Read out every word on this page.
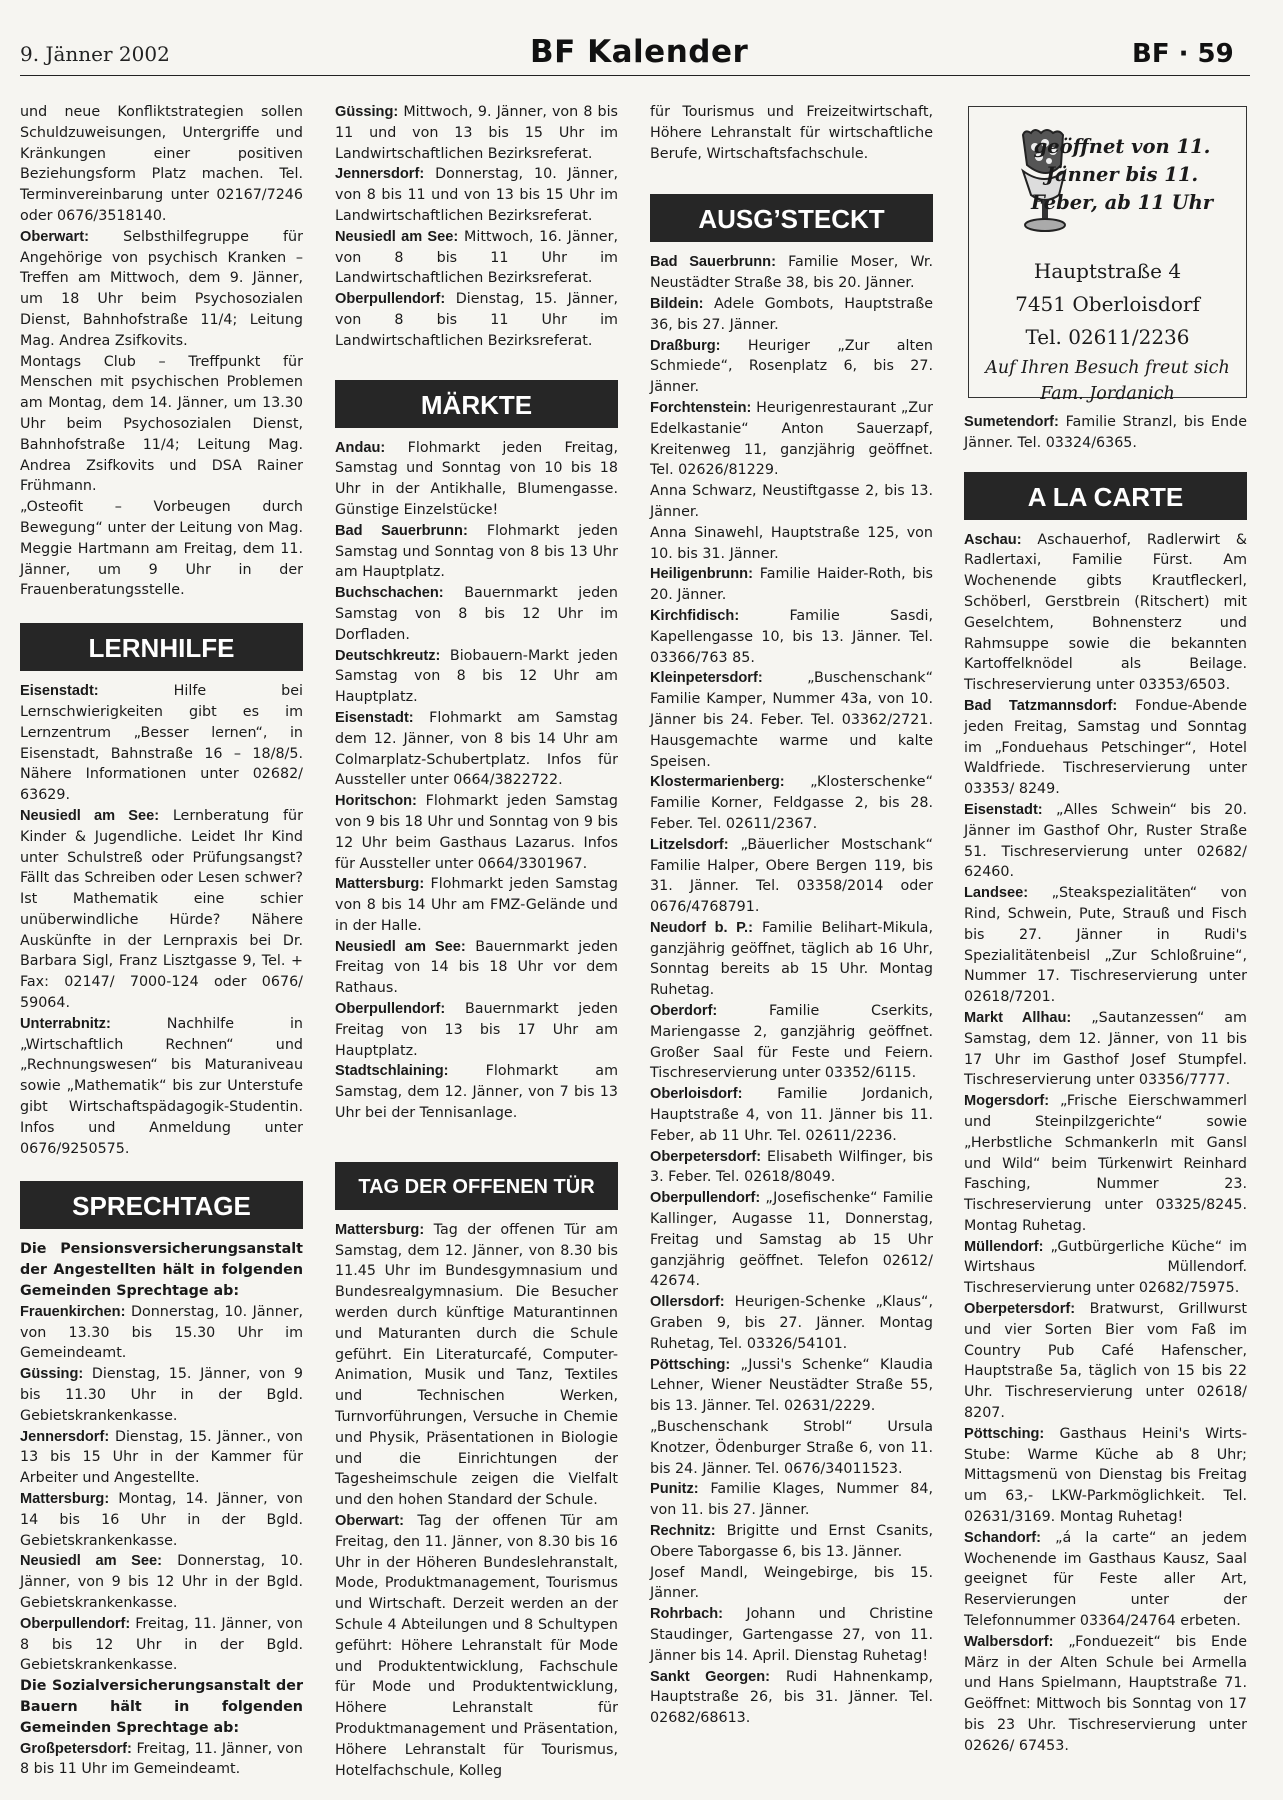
9. Jänner 2002	BF Kalender	BF · 59

und neue Konfliktstrategien sollen Schuldzuweisungen, Untergriffe und Kränkungen einer positiven Beziehungsform Platz machen. Tel. Terminvereinbarung unter 02167/7246 oder 0676/3518140.

Oberwart: Selbsthilfegruppe für Angehörige von psychisch Kranken – Treffen am Mittwoch, dem 9. Jänner, um 18 Uhr beim Psychosozialen Dienst, Bahnhofstraße 11/4; Leitung Mag. Andrea Zsifkovits.

Montags Club – Treffpunkt für Menschen mit psychischen Problemen am Montag, dem 14. Jänner, um 13.30 Uhr beim Psychosozialen Dienst, Bahnhofstraße 11/4; Leitung Mag. Andrea Zsifkovits und DSA Rainer Frühmann.

„Osteofit – Vorbeugen durch Bewegung“ unter der Leitung von Mag. Meggie Hartmann am Freitag, dem 11. Jänner, um 9 Uhr in der Frauenberatungsstelle.

LERNHILFE

Eisenstadt: Hilfe bei Lernschwierigkeiten gibt es im Lernzentrum „Besser lernen“, in Eisenstadt, Bahnstraße 16 – 18/8/5. Nähere Informationen unter 02682/ 63629.

Neusiedl am See: Lernberatung für Kinder & Jugendliche. Leidet Ihr Kind unter Schulstreß oder Prüfungsangst? Fällt das Schreiben oder Lesen schwer? Ist Mathematik eine schier unüberwindliche Hürde? Nähere Auskünfte in der Lernpraxis bei Dr. Barbara Sigl, Franz Lisztgasse 9, Tel. + Fax: 02147/ 7000-124 oder 0676/ 59064.

Unterrabnitz: Nachhilfe in „Wirtschaftlich Rechnen“ und „Rechnungswesen“ bis Maturaniveau sowie „Mathematik“ bis zur Unterstufe gibt Wirtschaftspädagogik-Studentin. Infos und Anmeldung unter 0676/9250575.

SPRECHTAGE

Die Pensionsversicherungsanstalt der Angestellten hält in folgenden Gemeinden Sprechtage ab:

Frauenkirchen: Donnerstag, 10. Jänner, von 13.30 bis 15.30 Uhr im Gemeindeamt.

Güssing: Dienstag, 15. Jänner, von 9 bis 11.30 Uhr in der Bgld. Gebietskrankenkasse.

Jennersdorf: Dienstag, 15. Jänner., von 13 bis 15 Uhr in der Kammer für Arbeiter und Angestellte.

Mattersburg: Montag, 14. Jänner, von 14 bis 16 Uhr in der Bgld. Gebietskrankenkasse.

Neusiedl am See: Donnerstag, 10. Jänner, von 9 bis 12 Uhr in der Bgld. Gebietskrankenkasse.

Oberpullendorf: Freitag, 11. Jänner, von 8 bis 12 Uhr in der Bgld. Gebietskrankenkasse.

Die Sozialversicherungsanstalt der Bauern hält in folgenden Gemeinden Sprechtage ab:

Großpetersdorf: Freitag, 11. Jänner, von 8 bis 11 Uhr im Gemeindeamt.

Güssing: Mittwoch, 9. Jänner, von 8 bis 11 und von 13 bis 15 Uhr im Landwirtschaftlichen Bezirksreferat.

Jennersdorf: Donnerstag, 10. Jänner, von 8 bis 11 und von 13 bis 15 Uhr im Landwirtschaftlichen Bezirksreferat.

Neusiedl am See: Mittwoch, 16. Jänner, von 8 bis 11 Uhr im Landwirtschaftlichen Bezirksreferat.

Oberpullendorf: Dienstag, 15. Jänner, von 8 bis 11 Uhr im Landwirtschaftlichen Bezirksreferat.

MÄRKTE

Andau: Flohmarkt jeden Freitag, Samstag und Sonntag von 10 bis 18 Uhr in der Antikhalle, Blumengasse. Günstige Einzelstücke!

Bad Sauerbrunn: Flohmarkt jeden Samstag und Sonntag von 8 bis 13 Uhr am Hauptplatz.

Buchschachen: Bauernmarkt jeden Samstag von 8 bis 12 Uhr im Dorfladen.

Deutschkreutz: Biobauern-Markt jeden Samstag von 8 bis 12 Uhr am Hauptplatz.

Eisenstadt: Flohmarkt am Samstag dem 12. Jänner, von 8 bis 14 Uhr am Colmarplatz-Schubertplatz. Infos für Aussteller unter 0664/3822722.

Horitschon: Flohmarkt jeden Samstag von 9 bis 18 Uhr und Sonntag von 9 bis 12 Uhr beim Gasthaus Lazarus. Infos für Aussteller unter 0664/3301967.

Mattersburg: Flohmarkt jeden Samstag von 8 bis 14 Uhr am FMZ-Gelände und in der Halle.

Neusiedl am See: Bauernmarkt jeden Freitag von 14 bis 18 Uhr vor dem Rathaus.

Oberpullendorf: Bauernmarkt jeden Freitag von 13 bis 17 Uhr am Hauptplatz.

Stadtschlaining: Flohmarkt am Samstag, dem 12. Jänner, von 7 bis 13 Uhr bei der Tennisanlage.

TAG DER OFFENEN TÜR

Mattersburg: Tag der offenen Tür am Samstag, dem 12. Jänner, von 8.30 bis 11.45 Uhr im Bundesgymnasium und Bundesrealgymnasium. Die Besucher werden durch künftige Maturantinnen und Maturanten durch die Schule geführt. Ein Literaturcafé, Computer-Animation, Musik und Tanz, Textiles und Technischen Werken, Turnvorführungen, Versuche in Chemie und Physik, Präsentationen in Biologie und die Einrichtungen der Tagesheimschule zeigen die Vielfalt und den hohen Standard der Schule.

Oberwart: Tag der offenen Tür am Freitag, den 11. Jänner, von 8.30 bis 16 Uhr in der Höheren Bundeslehranstalt, Mode, Produktmanagement, Tourismus und Wirtschaft. Derzeit werden an der Schule 4 Abteilungen und 8 Schultypen geführt: Höhere Lehranstalt für Mode und Produktentwicklung, Fachschule für Mode und Produktentwicklung, Höhere Lehranstalt für Produktmanagement und Präsentation, Höhere Lehranstalt für Tourismus, Hotelfachschule, Kolleg

für Tourismus und Freizeitwirtschaft, Höhere Lehranstalt für wirtschaftliche Berufe, Wirtschaftsfachschule.

AUSG’STECKT

Bad Sauerbrunn: Familie Moser, Wr. Neustädter Straße 38, bis 20. Jänner.

Bildein: Adele Gombots, Hauptstraße 36, bis 27. Jänner.

Draßburg: Heuriger „Zur alten Schmiede“, Rosenplatz 6, bis 27. Jänner.

Forchtenstein: Heurigenrestaurant „Zur Edelkastanie“ Anton Sauerzapf, Kreitenweg 11, ganzjährig geöffnet. Tel. 02626/81229.

Anna Schwarz, Neustiftgasse 2, bis 13. Jänner.

Anna Sinawehl, Hauptstraße 125, von 10. bis 31. Jänner.

Heiligenbrunn: Familie Haider-Roth, bis 20. Jänner.

Kirchfidisch: Familie Sasdi, Kapellengasse 10, bis 13. Jänner. Tel. 03366/763 85.

Kleinpetersdorf: „Buschenschank“ Familie Kamper, Nummer 43a, von 10. Jänner bis 24. Feber. Tel. 03362/2721. Hausgemachte warme und kalte Speisen.

Klostermarienberg: „Klosterschenke“ Familie Korner, Feldgasse 2, bis 28. Feber. Tel. 02611/2367.

Litzelsdorf: „Bäuerlicher Mostschank“ Familie Halper, Obere Bergen 119, bis 31. Jänner. Tel. 03358/2014 oder 0676/4768791.

Neudorf b. P.: Familie Belihart-Mikula, ganzjährig geöffnet, täglich ab 16 Uhr, Sonntag bereits ab 15 Uhr. Montag Ruhetag.

Oberdorf: Familie Cserkits, Mariengasse 2, ganzjährig geöffnet. Großer Saal für Feste und Feiern. Tischreservierung unter 03352/6115.

Oberloisdorf: Familie Jordanich, Hauptstraße 4, von 11. Jänner bis 11. Feber, ab 11 Uhr. Tel. 02611/2236.

Oberpetersdorf: Elisabeth Wilfinger, bis 3. Feber. Tel. 02618/8049.

Oberpullendorf: „Josefischenke“ Familie Kallinger, Augasse 11, Donnerstag, Freitag und Samstag ab 15 Uhr ganzjährig geöffnet. Telefon 02612/ 42674.

Ollersdorf: Heurigen-Schenke „Klaus“, Graben 9, bis 27. Jänner. Montag Ruhetag, Tel. 03326/54101.

Pöttsching: „Jussi's Schenke“ Klaudia Lehner, Wiener Neustädter Straße 55, bis 13. Jänner. Tel. 02631/2229.

„Buschenschank Strobl“ Ursula Knotzer, Ödenburger Straße 6, von 11. bis 24. Jänner. Tel. 0676/34011523.

Punitz: Familie Klages, Nummer 84, von 11. bis 27. Jänner.

Rechnitz: Brigitte und Ernst Csanits, Obere Taborgasse 6, bis 13. Jänner.

Josef Mandl, Weingebirge, bis 15. Jänner.

Rohrbach: Johann und Christine Staudinger, Gartengasse 27, von 11. Jänner bis 14. April. Dienstag Ruhetag!

Sankt Georgen: Rudi Hahnenkamp, Hauptstraße 26, bis 31. Jänner. Tel. 02682/68613.

geöffnet von 11. Jänner bis 11. Feber, ab 11 Uhr
Hauptstraße 4
7451 Oberloisdorf
Tel. 02611/2236
Auf Ihren Besuch freut sich
Fam. Jordanich

Sumetendorf: Familie Stranzl, bis Ende Jänner. Tel. 03324/6365.

A LA CARTE

Aschau: Aschauerhof, Radlerwirt & Radlertaxi, Familie Fürst. Am Wochenende gibts Krautfleckerl, Schöberl, Gerstbrein (Ritschert) mit Geselchtem, Bohnensterz und Rahmsuppe sowie die bekannten Kartoffelknödel als Beilage. Tischreservierung unter 03353/6503.

Bad Tatzmannsdorf: Fondue-Abende jeden Freitag, Samstag und Sonntag im „Fonduehaus Petschinger“, Hotel Waldfriede. Tischreservierung unter 03353/ 8249.

Eisenstadt: „Alles Schwein“ bis 20. Jänner im Gasthof Ohr, Ruster Straße 51. Tischreservierung unter 02682/ 62460.

Landsee: „Steakspezialitäten“ von Rind, Schwein, Pute, Strauß und Fisch bis 27. Jänner in Rudi's Spezialitätenbeisl „Zur Schloßruine“, Nummer 17. Tischreservierung unter 02618/7201.

Markt Allhau: „Sautanzessen“ am Samstag, dem 12. Jänner, von 11 bis 17 Uhr im Gasthof Josef Stumpfel. Tischreservierung unter 03356/7777.

Mogersdorf: „Frische Eierschwammerl und Steinpilzgerichte“ sowie „Herbstliche Schmankerln mit Gansl und Wild“ beim Türkenwirt Reinhard Fasching, Nummer 23. Tischreservierung unter 03325/8245. Montag Ruhetag.

Müllendorf: „Gutbürgerliche Küche“ im Wirtshaus Müllendorf. Tischreservierung unter 02682/75975.

Oberpetersdorf: Bratwurst, Grillwurst und vier Sorten Bier vom Faß im Country Pub Café Hafenscher, Hauptstraße 5a, täglich von 15 bis 22 Uhr. Tischreservierung unter 02618/ 8207.

Pöttsching: Gasthaus Heini's Wirts-Stube: Warme Küche ab 8 Uhr; Mittagsmenü von Dienstag bis Freitag um 63,- LKW-Parkmöglichkeit. Tel. 02631/3169. Montag Ruhetag!

Schandorf: „á la carte“ an jedem Wochenende im Gasthaus Kausz, Saal geeignet für Feste aller Art, Reservierungen unter der Telefonnummer 03364/24764 erbeten.

Walbersdorf: „Fonduezeit“ bis Ende März in der Alten Schule bei Armella und Hans Spielmann, Hauptstraße 71. Geöffnet: Mittwoch bis Sonntag von 17 bis 23 Uhr. Tischreservierung unter 02626/ 67453.
